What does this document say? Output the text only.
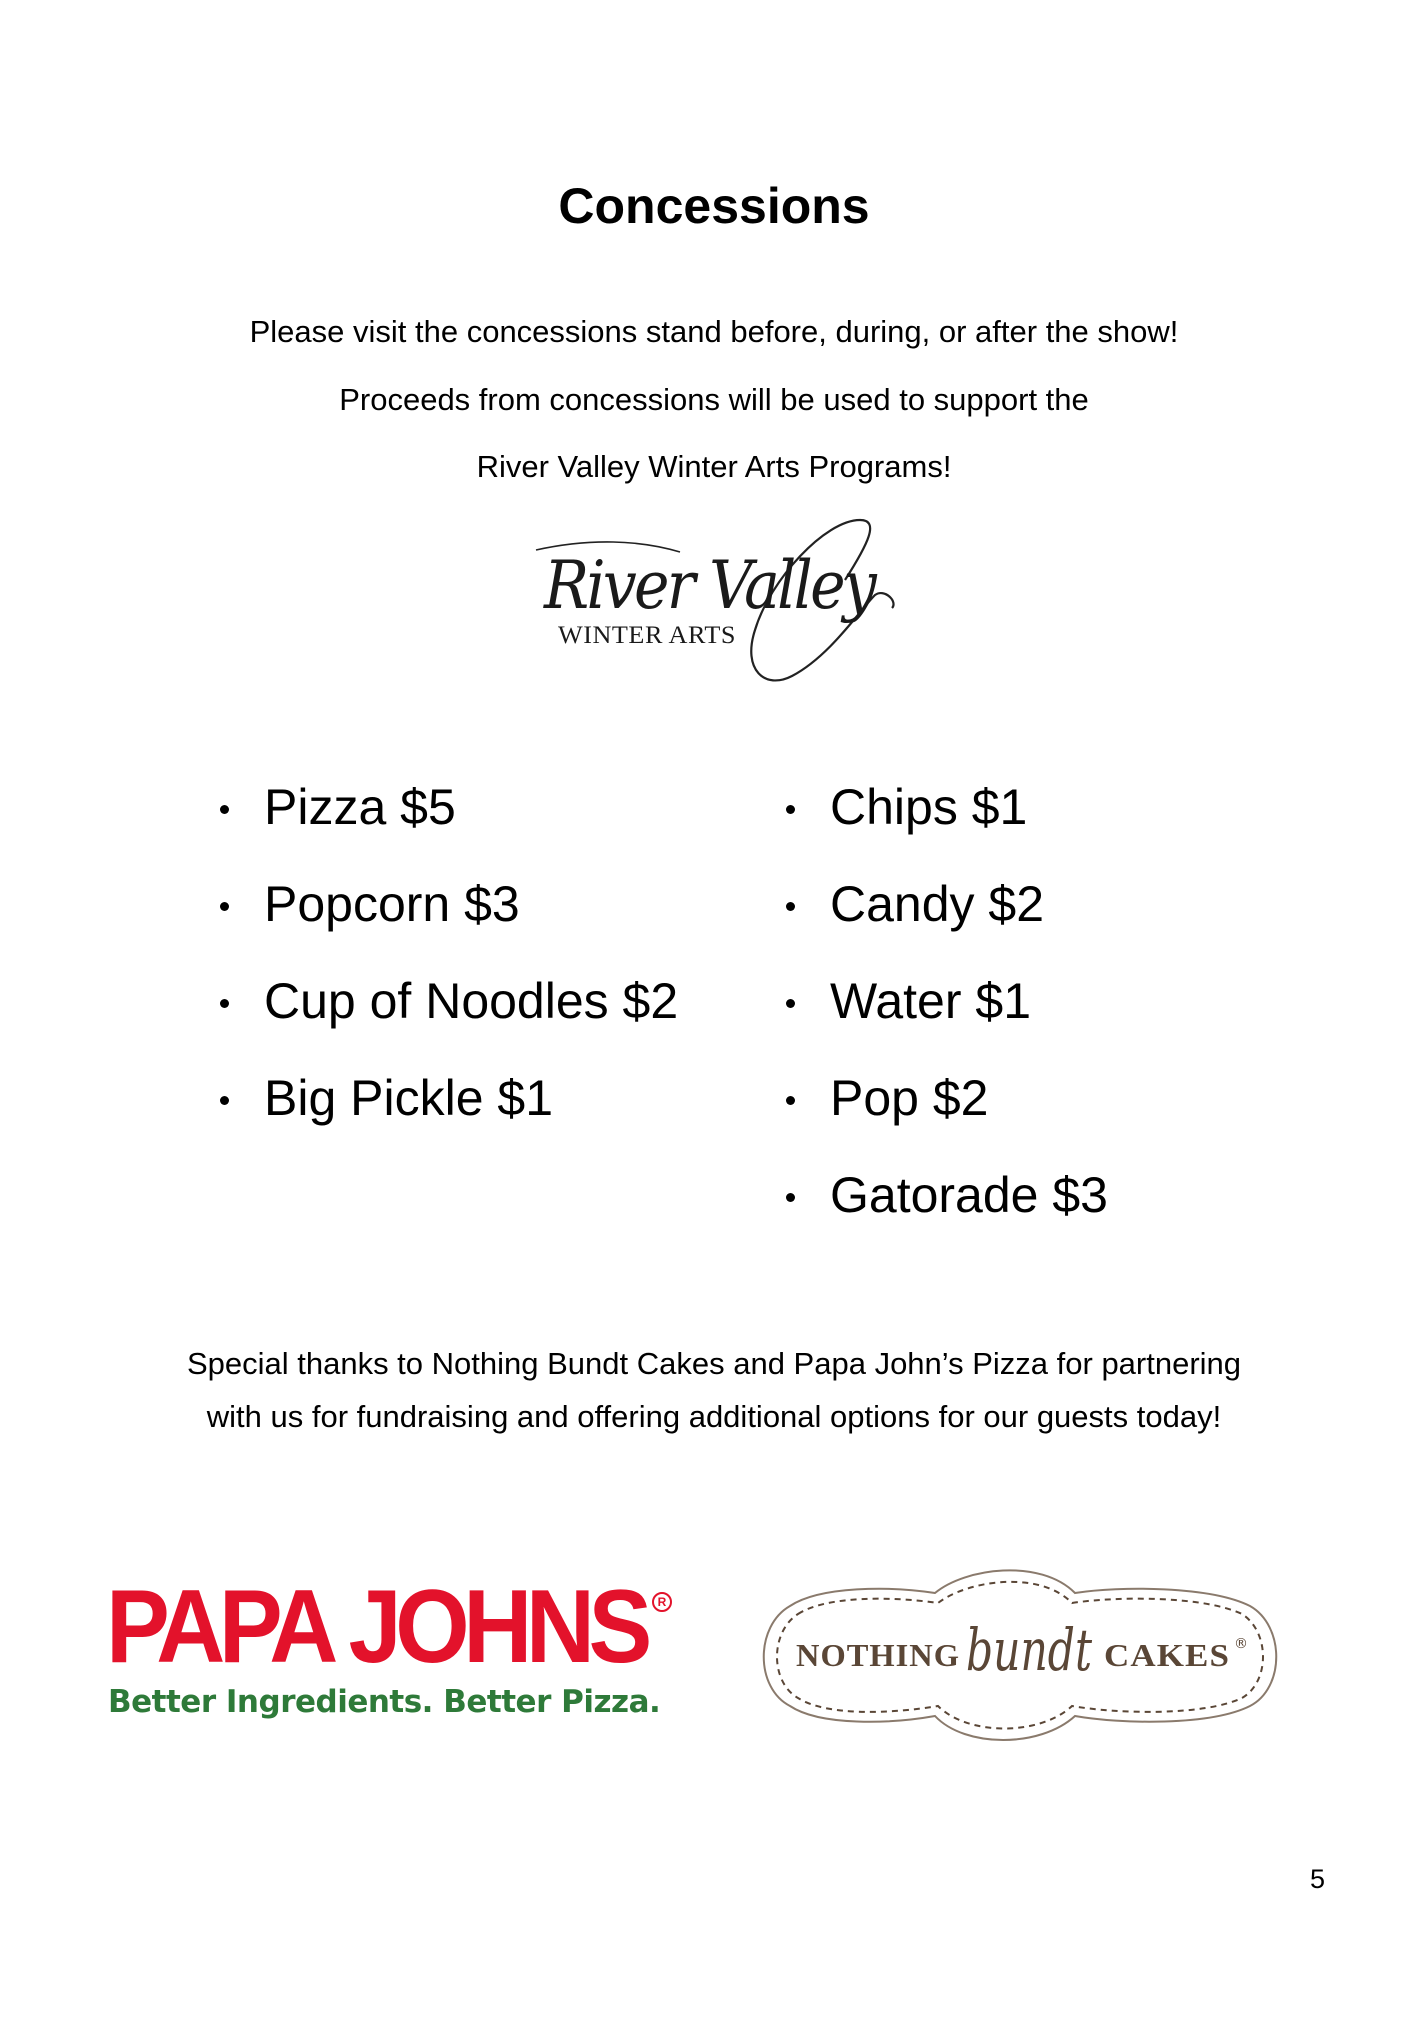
Concessions
Please visit the concessions stand before, during, or after the show!
Proceeds from concessions will be used to support the
River Valley Winter Arts Programs!
River Valley
WINTER ARTS
Pizza $5
Popcorn $3
Cup of Noodles $2
Big Pickle $1
Chips $1
Candy $2
Water $1
Pop $2
Gatorade $3
Special thanks to Nothing Bundt Cakes and Papa John’s Pizza for partnering
with us for fundraising and offering additional options for our guests today!
PAPA JOHNS R
Better Ingredients. Better Pizza.
NOTHING bundt CAKES ®
5
